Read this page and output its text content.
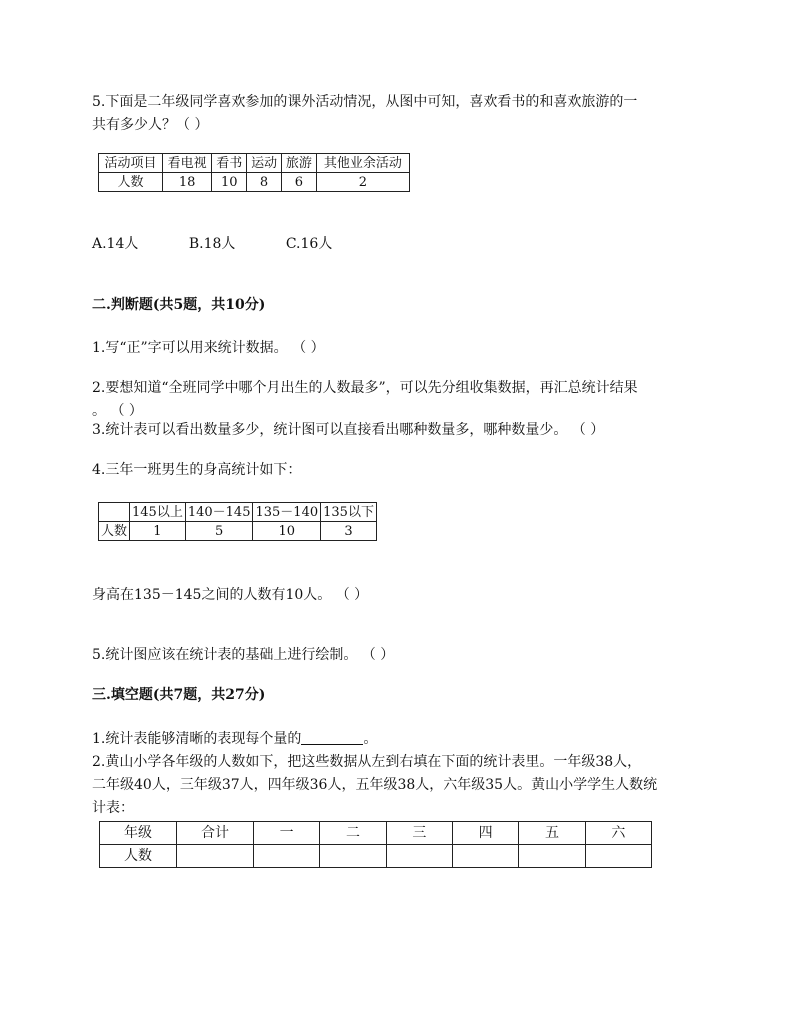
5.下面是二年级同学喜欢参加的课外活动情况，从图中可知，喜欢看书的和喜欢旅游的一
共有多少人？（ ）
活动项目	看电视	看书	运动	旅游	其他业余活动
人数	18	10	8	6	2
A.14人	B.18人	C.16人
二.判断题(共5题，共10分)
1.写“正”字可以用来统计数据。 （ ）
2.要想知道“全班同学中哪个月出生的人数最多”，可以先分组收集数据，再汇总统计结果
。 （ ）
3.统计表可以看出数量多少，统计图可以直接看出哪种数量多，哪种数量少。 （ ）
4.三年一班男生的身高统计如下：
	145以上	140－145	135－140	135以下
人数	1	5	10	3
身高在135－145之间的人数有10人。 （ ）
5.统计图应该在统计表的基础上进行绘制。 （ ）
三.填空题(共7题，共27分)
1.统计表能够清晰的表现每个量的	。
2.黄山小学各年级的人数如下，把这些数据从左到右填在下面的统计表里。一年级38人，
二年级40人，三年级37人，四年级36人，五年级38人，六年级35人。黄山小学学生人数统
计表：
年级	合计	一	二	三	四	五	六
人数							
